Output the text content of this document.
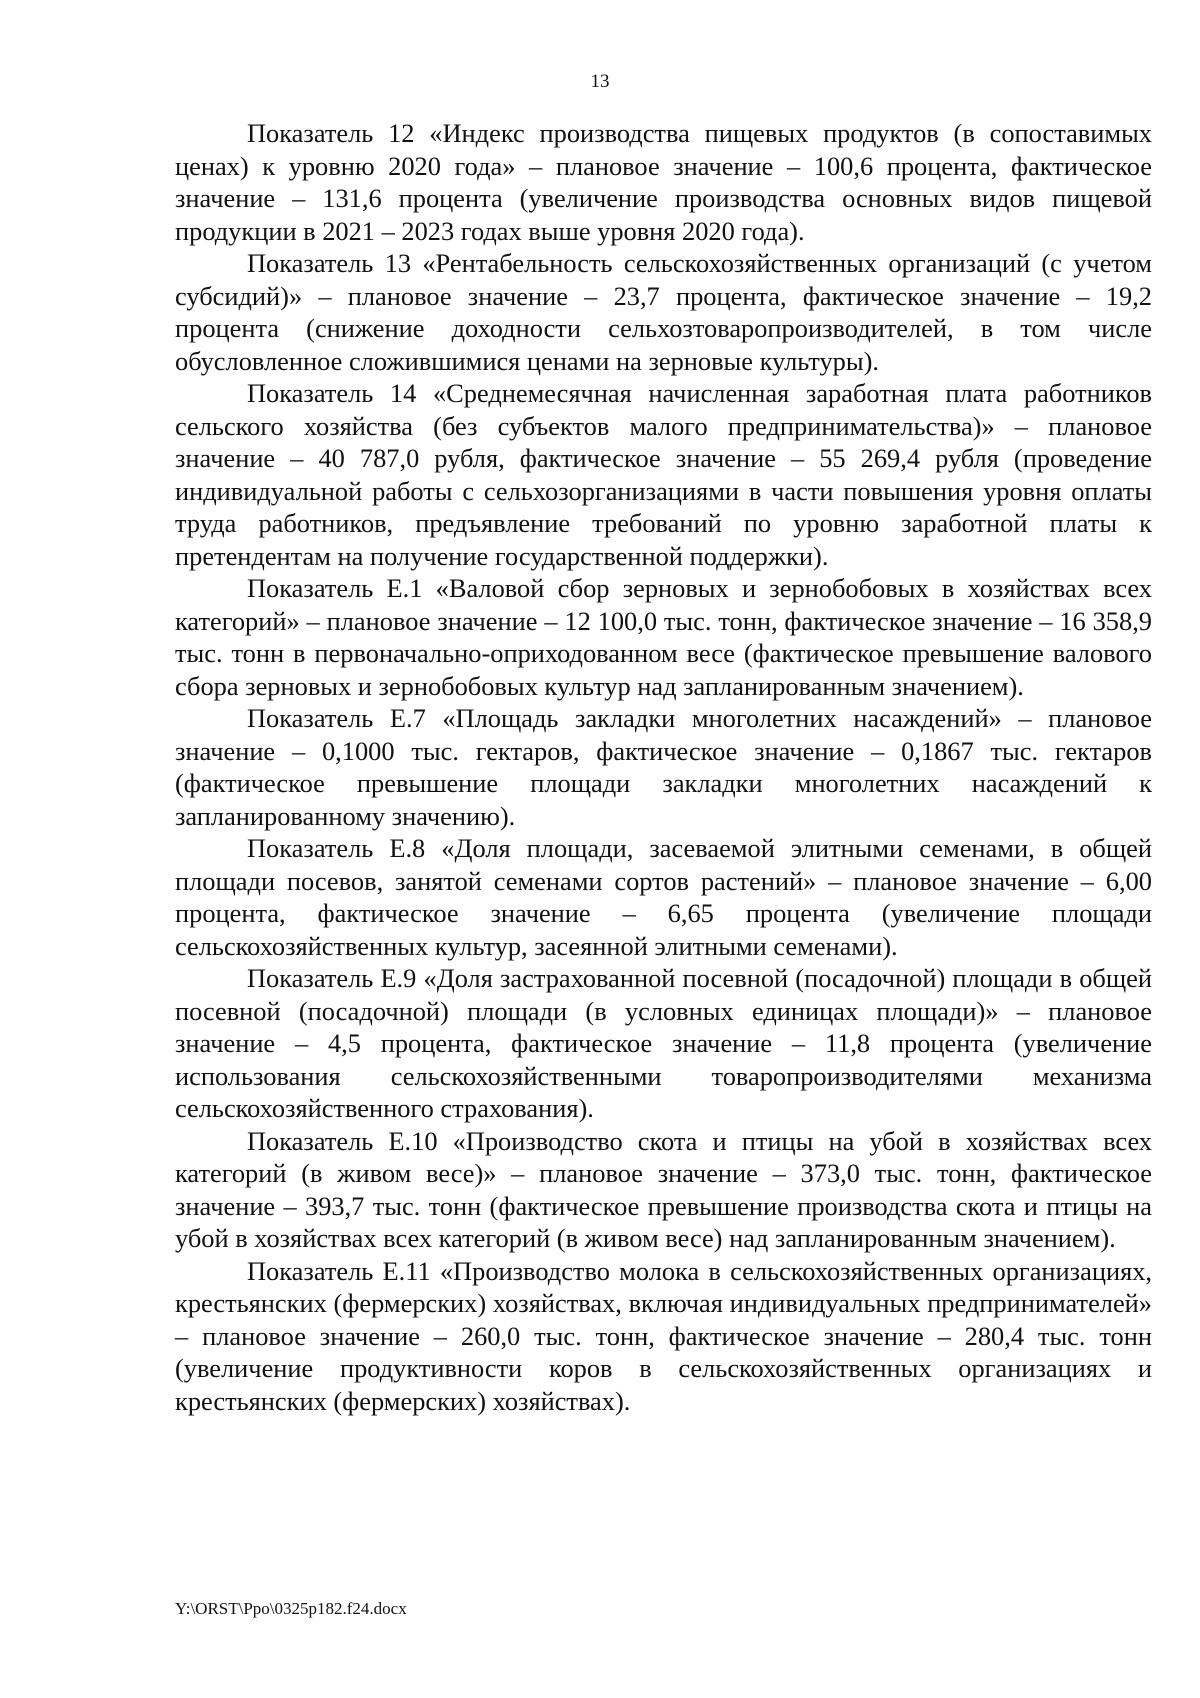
13

Показатель 12 «Индекс производства пищевых продуктов (в сопоставимых ценах) к уровню 2020 года» – плановое значение – 100,6 процента, фактическое значение – 131,6 процента (увеличение производства основных видов пищевой продукции в 2021 – 2023 годах выше уровня 2020 года).

Показатель 13 «Рентабельность сельскохозяйственных организаций (с учетом субсидий)» – плановое значение – 23,7 процента, фактическое значение – 19,2 процента (снижение доходности сельхозтоваропроизводителей, в том числе обусловленное сложившимися ценами на зерновые культуры).

Показатель 14 «Среднемесячная начисленная заработная плата работников сельского хозяйства (без субъектов малого предпринимательства)» – плановое значение – 40 787,0 рубля, фактическое значение – 55 269,4 рубля (проведение индивидуальной работы с сельхозорганизациями в части повышения уровня оплаты труда работников, предъявление требований по уровню заработной платы к претендентам на получение государственной поддержки).

Показатель Е.1 «Валовой сбор зерновых и зернобобовых в хозяйствах всех категорий» – плановое значение – 12 100,0 тыс. тонн, фактическое значение – 16 358,9 тыс. тонн в первоначально-оприходованном весе (фактическое превышение валового сбора зерновых и зернобобовых культур над запланированным значением).

Показатель Е.7 «Площадь закладки многолетних насаждений» – плановое значение – 0,1000 тыс. гектаров, фактическое значение – 0,1867 тыс. гектаров (фактическое превышение площади закладки многолетних насаждений к запланированному значению).

Показатель Е.8 «Доля площади, засеваемой элитными семенами, в общей площади посевов, занятой семенами сортов растений» – плановое значение – 6,00 процента, фактическое значение – 6,65 процента (увеличение площади сельскохозяйственных культур, засеянной элитными семенами).

Показатель Е.9 «Доля застрахованной посевной (посадочной) площади в общей посевной (посадочной) площади (в условных единицах площади)» – плановое значение – 4,5 процента, фактическое значение – 11,8 процента (увеличение использования сельскохозяйственными товаропроизводителями механизма сельскохозяйственного страхования).

Показатель Е.10 «Производство скота и птицы на убой в хозяйствах всех категорий (в живом весе)» – плановое значение – 373,0 тыс. тонн, фактическое значение – 393,7 тыс. тонн (фактическое превышение производства скота и птицы на убой в хозяйствах всех категорий (в живом весе) над запланированным значением).

Показатель Е.11 «Производство молока в сельскохозяйственных организациях, крестьянских (фермерских) хозяйствах, включая индивидуальных предпринимателей» – плановое значение – 260,0 тыс. тонн, фактическое значение – 280,4 тыс. тонн (увеличение продуктивности коров в сельскохозяйственных организациях и крестьянских (фермерских) хозяйствах).

Y:\ORST\Ppo\0325p182.f24.docx
